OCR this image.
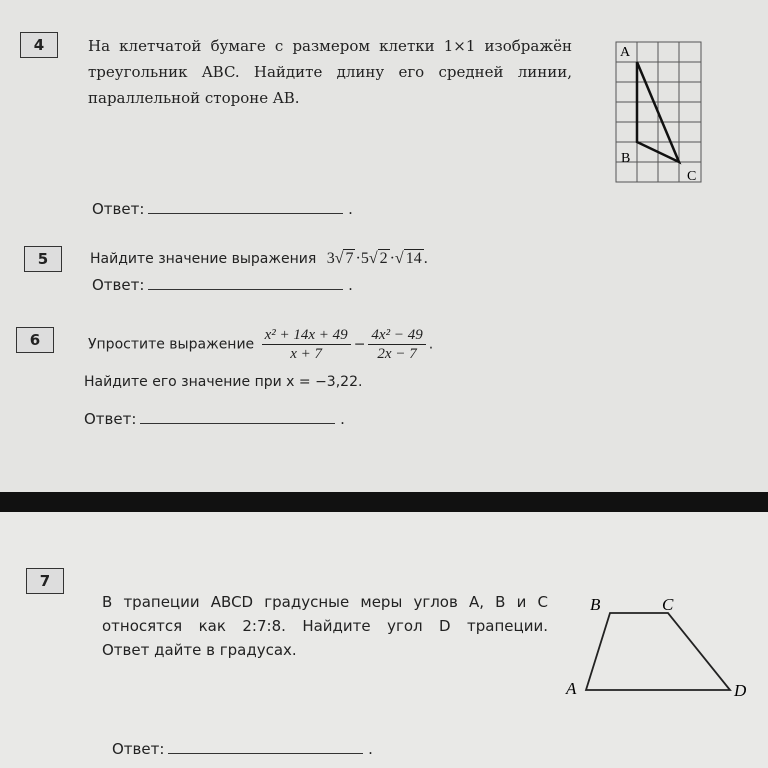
4	На клетчатой бумаге с размером клетки 1×1 изображён
треугольник ABC. Найдите длину его средней линии,
параллельной стороне AB.
A
B
C
Ответ:	.
5	Найдите значение выражения 3√ 7 ·5√ 2 ·√ 14 .
Ответ:	.
6	Упростите выражение $\frac{\text{x² + 14x + 49}}{x + 7} - \frac{\text{4x² − 49}}{2x - 7}$ .
Найдите его значение при x = −3,22.
Ответ:	.
7
В трапеции ABCD градусные меры углов A, B и C
относятся как 2:7:8. Найдите угол D трапеции.
Ответ дайте в градусах.
B	C
A	D
Ответ:	.
